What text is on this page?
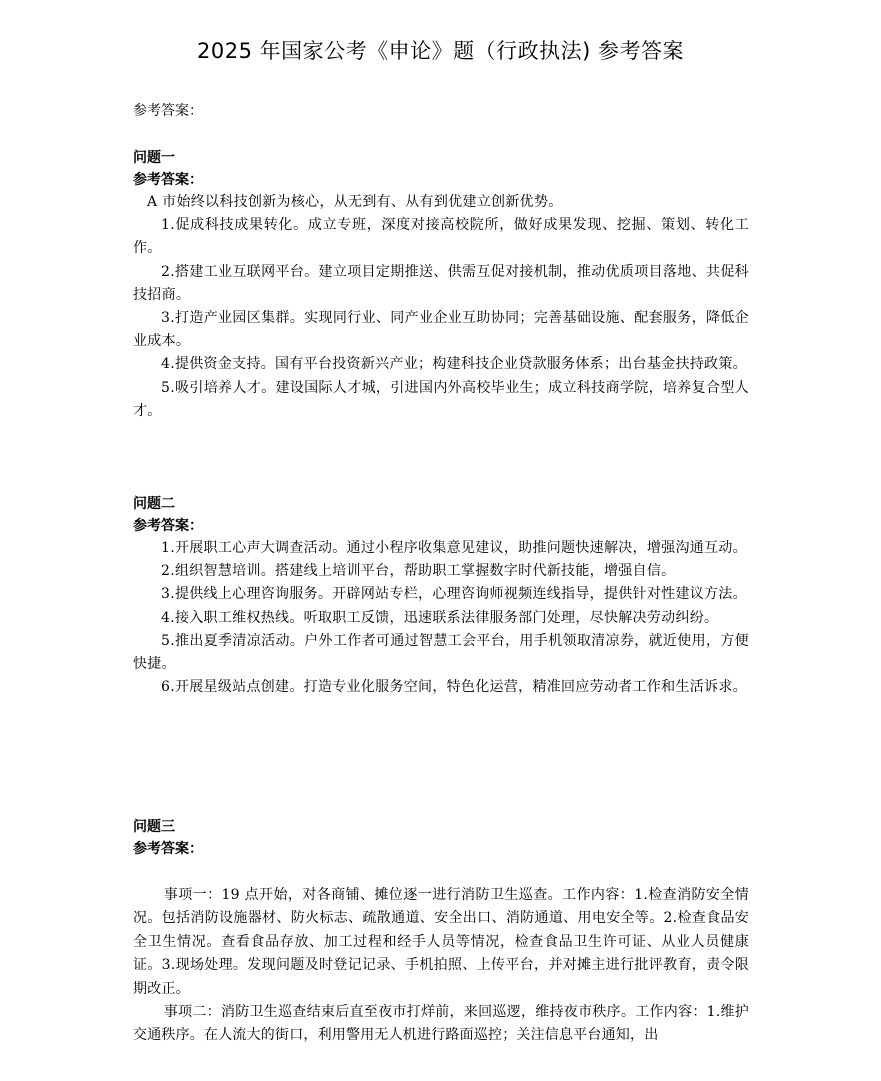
2025 年国家公考《申论》题（行政执法) 参考答案
参考答案：
问题一
参考答案：

A 市始终以科技创新为核心，从无到有、从有到优建立创新优势。

1.促成科技成果转化。成立专班，深度对接高校院所，做好成果发现、挖掘、策划、转化工作。

2.搭建工业互联网平台。建立项目定期推送、供需互促对接机制，推动优质项目落地、共促科技招商。

3.打造产业园区集群。实现同行业、同产业企业互助协同；完善基础设施、配套服务，降低企业成本。

4.提供资金支持。国有平台投资新兴产业；构建科技企业贷款服务体系；出台基金扶持政策。

5.吸引培养人才。建设国际人才城，引进国内外高校毕业生；成立科技商学院，培养复合型人才。

问题二
参考答案：

1.开展职工心声大调查活动。通过小程序收集意见建议，助推问题快速解决，增强沟通互动。

2.组织智慧培训。搭建线上培训平台，帮助职工掌握数字时代新技能，增强自信。

3.提供线上心理咨询服务。开辟网站专栏，心理咨询师视频连线指导，提供针对性建议方法。

4.接入职工维权热线。听取职工反馈，迅速联系法律服务部门处理，尽快解决劳动纠纷。

5.推出夏季清凉活动。户外工作者可通过智慧工会平台，用手机领取清凉券，就近使用，方便快捷。

6.开展星级站点创建。打造专业化服务空间，特色化运营，精准回应劳动者工作和生活诉求。

问题三
参考答案：

事项一：19 点开始，对各商铺、摊位逐一进行消防卫生巡查。工作内容：1.检查消防安全情况。包括消防设施器材、防火标志、疏散通道、安全出口、消防通道、用电安全等。2.检查食品安全卫生情况。查看食品存放、加工过程和经手人员等情况，检查食品卫生许可证、从业人员健康证。3.现场处理。发现问题及时登记记录、手机拍照、上传平台，并对摊主进行批评教育，责令限期改正。

事项二：消防卫生巡查结束后直至夜市打烊前，来回巡逻，维持夜市秩序。工作内容：1.维护交通秩序。在人流大的街口，利用警用无人机进行路面巡控；关注信息平台通知，出
